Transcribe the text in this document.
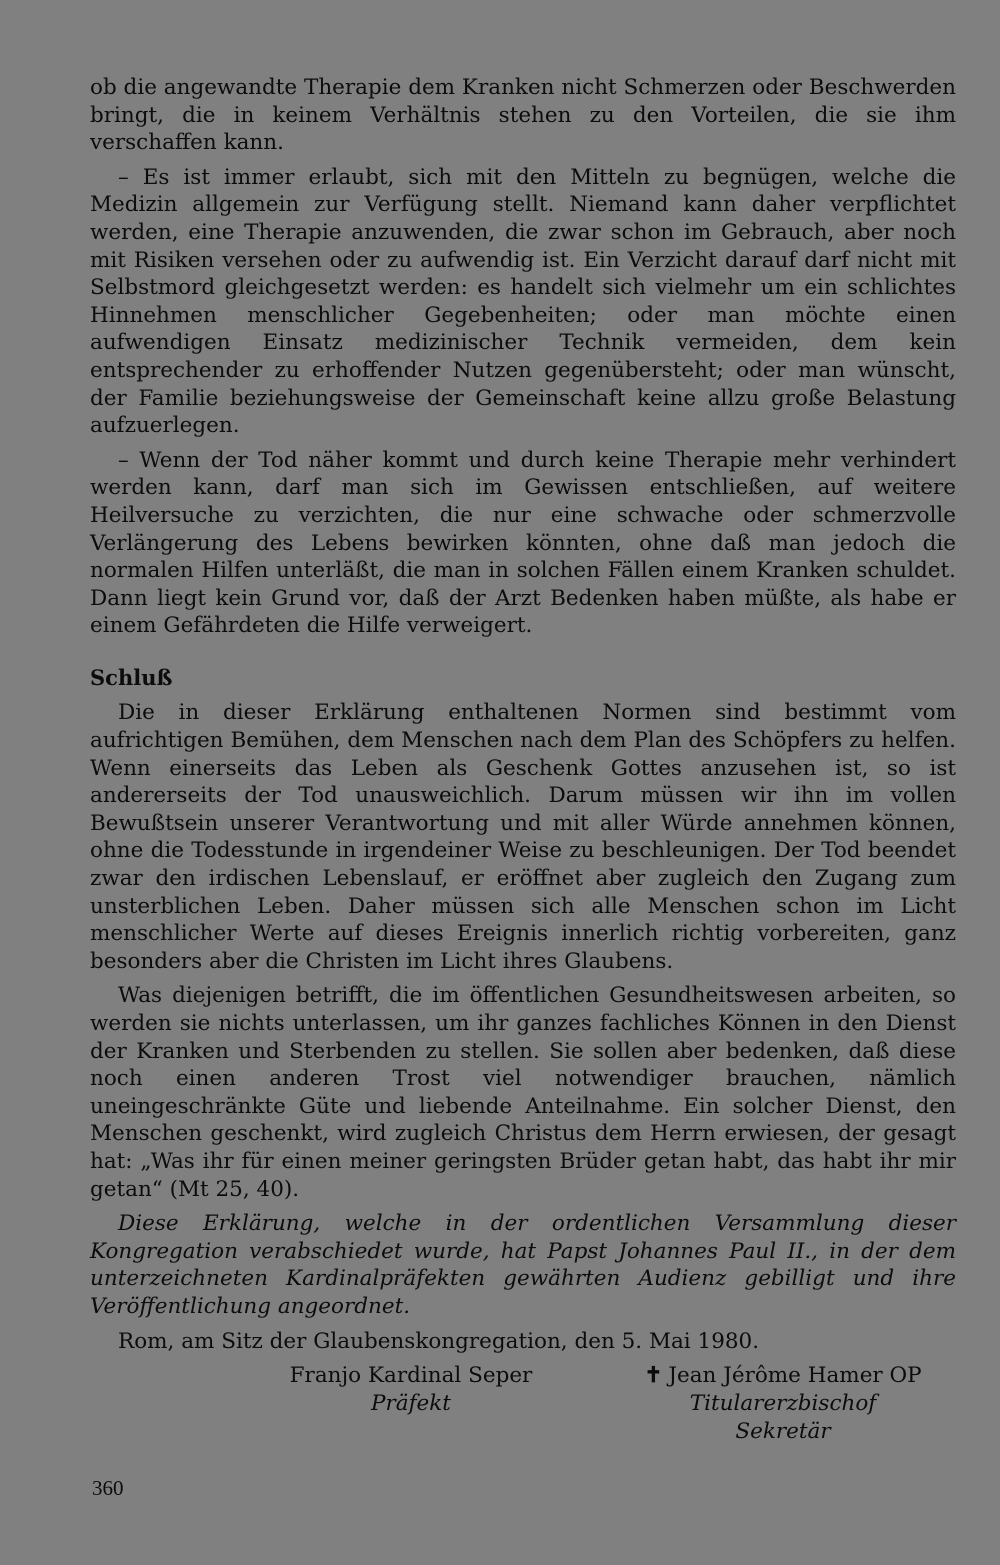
ob die angewandte Therapie dem Kranken nicht Schmerzen oder Beschwerden bringt, die in keinem Verhältnis stehen zu den Vorteilen, die sie ihm verschaffen kann.

– Es ist immer erlaubt, sich mit den Mitteln zu begnügen, welche die Medizin allgemein zur Verfügung stellt. Niemand kann daher verpflichtet werden, eine Therapie anzuwenden, die zwar schon im Gebrauch, aber noch mit Risiken versehen oder zu aufwendig ist. Ein Verzicht darauf darf nicht mit Selbstmord gleichgesetzt werden: es handelt sich vielmehr um ein schlichtes Hinnehmen menschlicher Gegebenheiten; oder man möchte einen aufwendigen Einsatz medizinischer Technik vermeiden, dem kein entsprechender zu erhoffender Nutzen gegenübersteht; oder man wünscht, der Familie beziehungsweise der Gemeinschaft keine allzu große Belastung aufzuerlegen.

– Wenn der Tod näher kommt und durch keine Therapie mehr verhindert werden kann, darf man sich im Gewissen entschließen, auf weitere Heilversuche zu verzichten, die nur eine schwache oder schmerzvolle Verlängerung des Lebens bewirken könnten, ohne daß man jedoch die normalen Hilfen unterläßt, die man in solchen Fällen einem Kranken schuldet. Dann liegt kein Grund vor, daß der Arzt Bedenken haben müßte, als habe er einem Gefährdeten die Hilfe verweigert.

Schluß

Die in dieser Erklärung enthaltenen Normen sind bestimmt vom aufrichtigen Bemühen, dem Menschen nach dem Plan des Schöpfers zu helfen. Wenn einerseits das Leben als Geschenk Gottes anzusehen ist, so ist andererseits der Tod unausweichlich. Darum müssen wir ihn im vollen Bewußtsein unserer Verantwortung und mit aller Würde annehmen können, ohne die Todesstunde in irgendeiner Weise zu beschleunigen. Der Tod beendet zwar den irdischen Lebenslauf, er eröffnet aber zugleich den Zugang zum unsterblichen Leben. Daher müssen sich alle Menschen schon im Licht menschlicher Werte auf dieses Ereignis innerlich richtig vorbereiten, ganz besonders aber die Christen im Licht ihres Glaubens.

Was diejenigen betrifft, die im öffentlichen Gesundheitswesen arbeiten, so werden sie nichts unterlassen, um ihr ganzes fachliches Können in den Dienst der Kranken und Sterbenden zu stellen. Sie sollen aber bedenken, daß diese noch einen anderen Trost viel notwendiger brauchen, nämlich uneingeschränkte Güte und liebende Anteilnahme. Ein solcher Dienst, den Menschen geschenkt, wird zugleich Christus dem Herrn erwiesen, der gesagt hat: „Was ihr für einen meiner geringsten Brüder getan habt, das habt ihr mir getan“ (Mt 25, 40).

Diese Erklärung, welche in der ordentlichen Versammlung dieser Kongregation verabschiedet wurde, hat Papst Johannes Paul II., in der dem unterzeichneten Kardinalpräfekten gewährten Audienz gebilligt und ihre Veröffentlichung angeordnet.

Rom, am Sitz der Glaubenskongregation, den 5. Mai 1980.

Franjo Kardinal Seper
Präfekt
✝ Jean Jérôme Hamer OP
Titularerzbischof
Sekretär
360
